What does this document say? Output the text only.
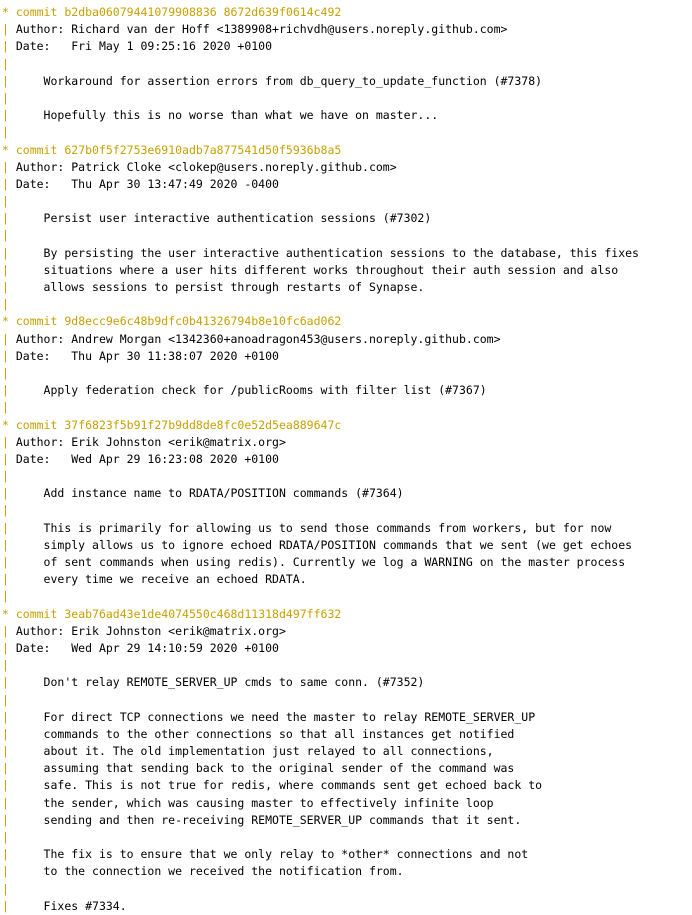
* commit b2dba06079441079908836 8672d639f0614c492
| Author: Richard van der Hoff <1389908+richvdh@users.noreply.github.com>
| Date:   Fri May 1 09:25:16 2020 +0100
|
|     Workaround for assertion errors from db_query_to_update_function (#7378)
|
|     Hopefully this is no worse than what we have on master...
|
* commit 627b0f5f2753e6910adb7a877541d50f5936b8a5
| Author: Patrick Cloke <clokep@users.noreply.github.com>
| Date:   Thu Apr 30 13:47:49 2020 -0400
|
|     Persist user interactive authentication sessions (#7302)
|
|     By persisting the user interactive authentication sessions to the database, this fixes
|     situations where a user hits different works throughout their auth session and also
|     allows sessions to persist through restarts of Synapse.
|
* commit 9d8ecc9e6c48b9dfc0b41326794b8e10fc6ad062
| Author: Andrew Morgan <1342360+anoadragon453@users.noreply.github.com>
| Date:   Thu Apr 30 11:38:07 2020 +0100
|
|     Apply federation check for /publicRooms with filter list (#7367)
|
* commit 37f6823f5b91f27b9dd8de8fc0e52d5ea889647c
| Author: Erik Johnston <erik@matrix.org>
| Date:   Wed Apr 29 16:23:08 2020 +0100
|
|     Add instance name to RDATA/POSITION commands (#7364)
|
|     This is primarily for allowing us to send those commands from workers, but for now
|     simply allows us to ignore echoed RDATA/POSITION commands that we sent (we get echoes
|     of sent commands when using redis). Currently we log a WARNING on the master process
|     every time we receive an echoed RDATA.
|
* commit 3eab76ad43e1de4074550c468d11318d497ff632
| Author: Erik Johnston <erik@matrix.org>
| Date:   Wed Apr 29 14:10:59 2020 +0100
|
|     Don't relay REMOTE_SERVER_UP cmds to same conn. (#7352)
|
|     For direct TCP connections we need the master to relay REMOTE_SERVER_UP
|     commands to the other connections so that all instances get notified
|     about it. The old implementation just relayed to all connections,
|     assuming that sending back to the original sender of the command was
|     safe. This is not true for redis, where commands sent get echoed back to
|     the sender, which was causing master to effectively infinite loop
|     sending and then re-receiving REMOTE_SERVER_UP commands that it sent.
|
|     The fix is to ensure that we only relay to *other* connections and not
|     to the connection we received the notification from.
|
|     Fixes #7334.
